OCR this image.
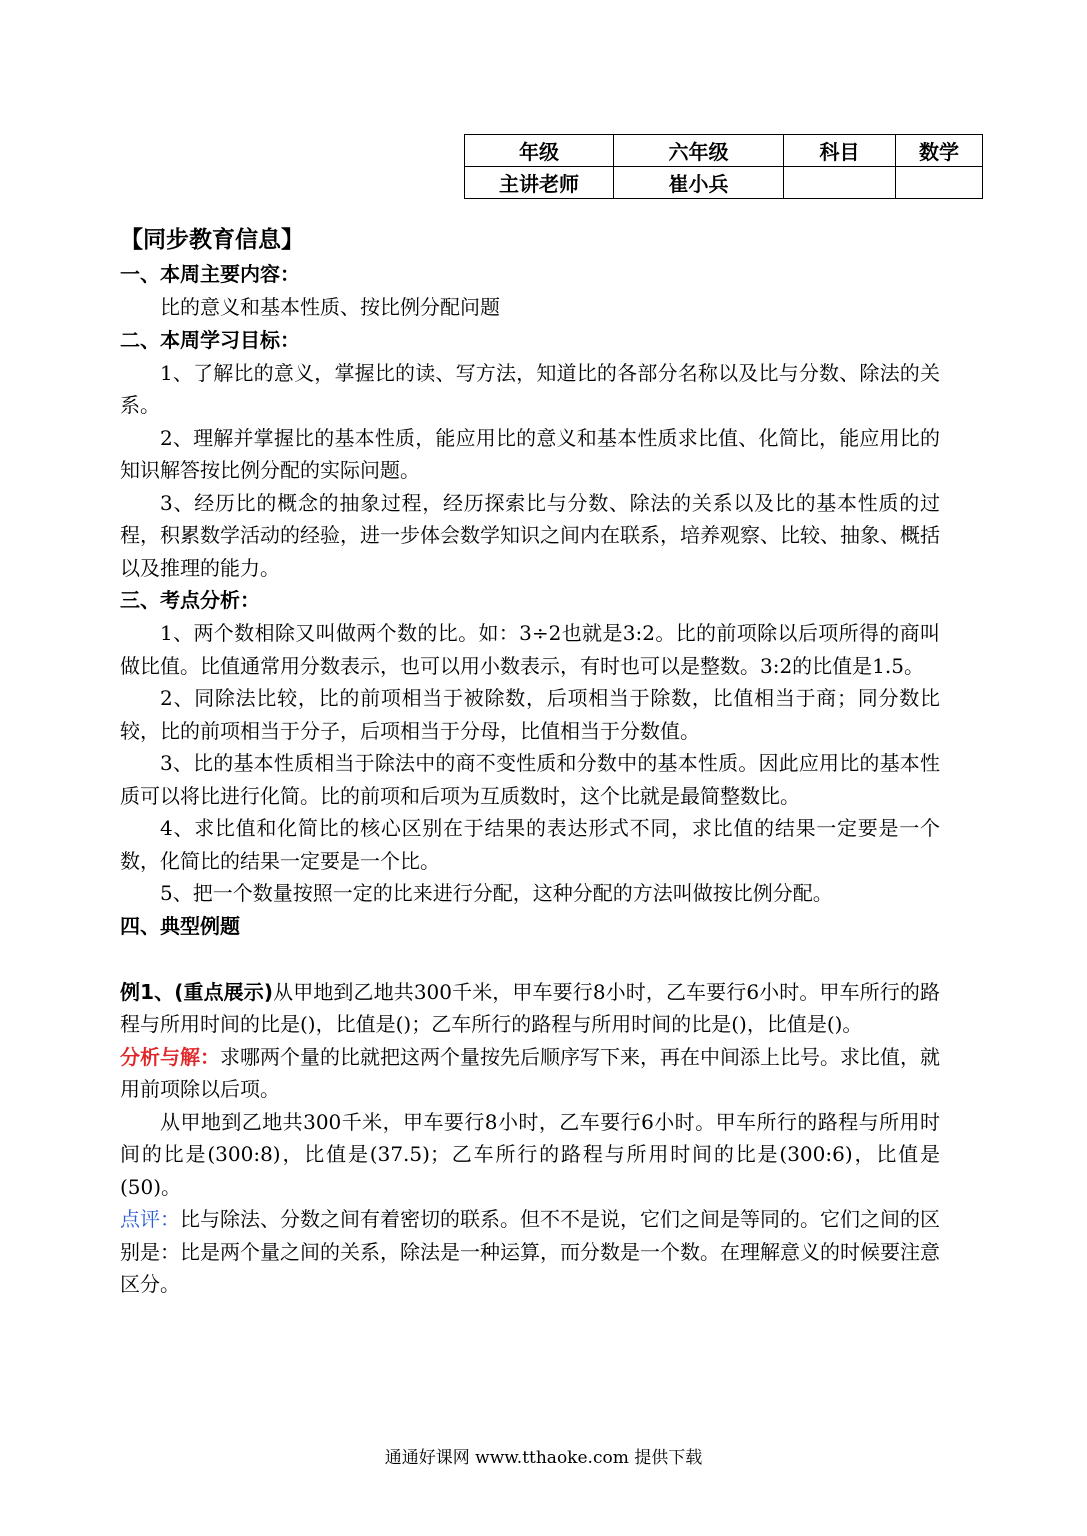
年级	六年级	科目	数学
主讲老师	崔小兵		
【同步教育信息】
一、本周主要内容：

比的意义和基本性质、按比例分配问题

二、本周学习目标：

1、了解比的意义，掌握比的读、写方法，知道比的各部分名称以及比与分数、除法的关系。

2、理解并掌握比的基本性质，能应用比的意义和基本性质求比值、化简比，能应用比的知识解答按比例分配的实际问题。

3、经历比的概念的抽象过程，经历探索比与分数、除法的关系以及比的基本性质的过程，积累数学活动的经验，进一步体会数学知识之间内在联系，培养观察、比较、抽象、概括以及推理的能力。

三、考点分析：

1、两个数相除又叫做两个数的比。如：3÷2也就是3:2。比的前项除以后项所得的商叫做比值。比值通常用分数表示，也可以用小数表示，有时也可以是整数。3:2的比值是1.5。

2、同除法比较，比的前项相当于被除数，后项相当于除数，比值相当于商；同分数比较，比的前项相当于分子，后项相当于分母，比值相当于分数值。

3、比的基本性质相当于除法中的商不变性质和分数中的基本性质。因此应用比的基本性质可以将比进行化简。比的前项和后项为互质数时，这个比就是最简整数比。

4、求比值和化简比的核心区别在于结果的表达形式不同，求比值的结果一定要是一个数，化简比的结果一定要是一个比。

5、把一个数量按照一定的比来进行分配，这种分配的方法叫做按比例分配。

四、典型例题

例1、(重点展示)从甲地到乙地共300千米，甲车要行8小时，乙车要行6小时。甲车所行的路程与所用时间的比是()，比值是()；乙车所行的路程与所用时间的比是()，比值是()。

分析与解：求哪两个量的比就把这两个量按先后顺序写下来，再在中间添上比号。求比值，就用前项除以后项。

从甲地到乙地共300千米，甲车要行8小时，乙车要行6小时。甲车所行的路程与所用时间的比是(300:8)，比值是(37.5)；乙车所行的路程与所用时间的比是(300:6)，比值是(50)。

点评：比与除法、分数之间有着密切的联系。但不不是说，它们之间是等同的。它们之间的区别是：比是两个量之间的关系，除法是一种运算，而分数是一个数。在理解意义的时候要注意区分。

通通好课网 www.tthaoke.com 提供下载
